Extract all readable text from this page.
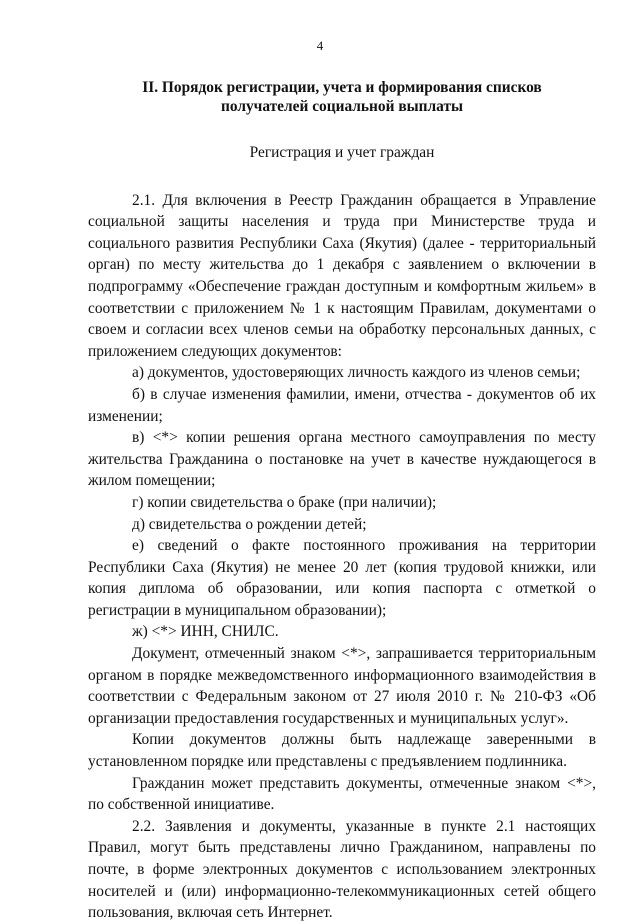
4
II. Порядок регистрации, учета и формирования списков
получателей социальной выплаты
Регистрация и учет граждан

2.1. Для включения в Реестр Гражданин обращается в Управление социальной защиты населения и труда при Министерстве труда и социального развития Республики Саха (Якутия) (далее - территориальный орган) по месту жительства до 1 декабря с заявлением о включении в подпрограмму «Обеспечение граждан доступным и комфортным жильем» в соответствии с приложением № 1 к настоящим Правилам, документами о своем и согласии всех членов семьи на обработку персональных данных, с приложением следующих документов:

а) документов, удостоверяющих личность каждого из членов семьи;

б) в случае изменения фамилии, имени, отчества - документов об их изменении;

в) <*> копии решения органа местного самоуправления по месту жительства Гражданина о постановке на учет в качестве нуждающегося в жилом помещении;

г) копии свидетельства о браке (при наличии);

д) свидетельства о рождении детей;

е) сведений о факте постоянного проживания на территории Республики Саха (Якутия) не менее 20 лет (копия трудовой книжки, или копия диплома об образовании, или копия паспорта с отметкой о регистрации в муниципальном образовании);

ж) <*> ИНН, СНИЛС.

Документ, отмеченный знаком <*>, запрашивается территориальным органом в порядке межведомственного информационного взаимодействия в соответствии с Федеральным законом от 27 июля 2010 г. № 210-ФЗ «Об организации предоставления государственных и муниципальных услуг».

Копии документов должны быть надлежаще заверенными в установленном порядке или представлены с предъявлением подлинника.

Гражданин может представить документы, отмеченные знаком <*>, по собственной инициативе.

2.2. Заявления и документы, указанные в пункте 2.1 настоящих Правил, могут быть представлены лично Гражданином, направлены по почте, в форме электронных документов с использованием электронных носителей и (или) информационно-телекоммуникационных сетей общего пользования, включая сеть Интернет.
